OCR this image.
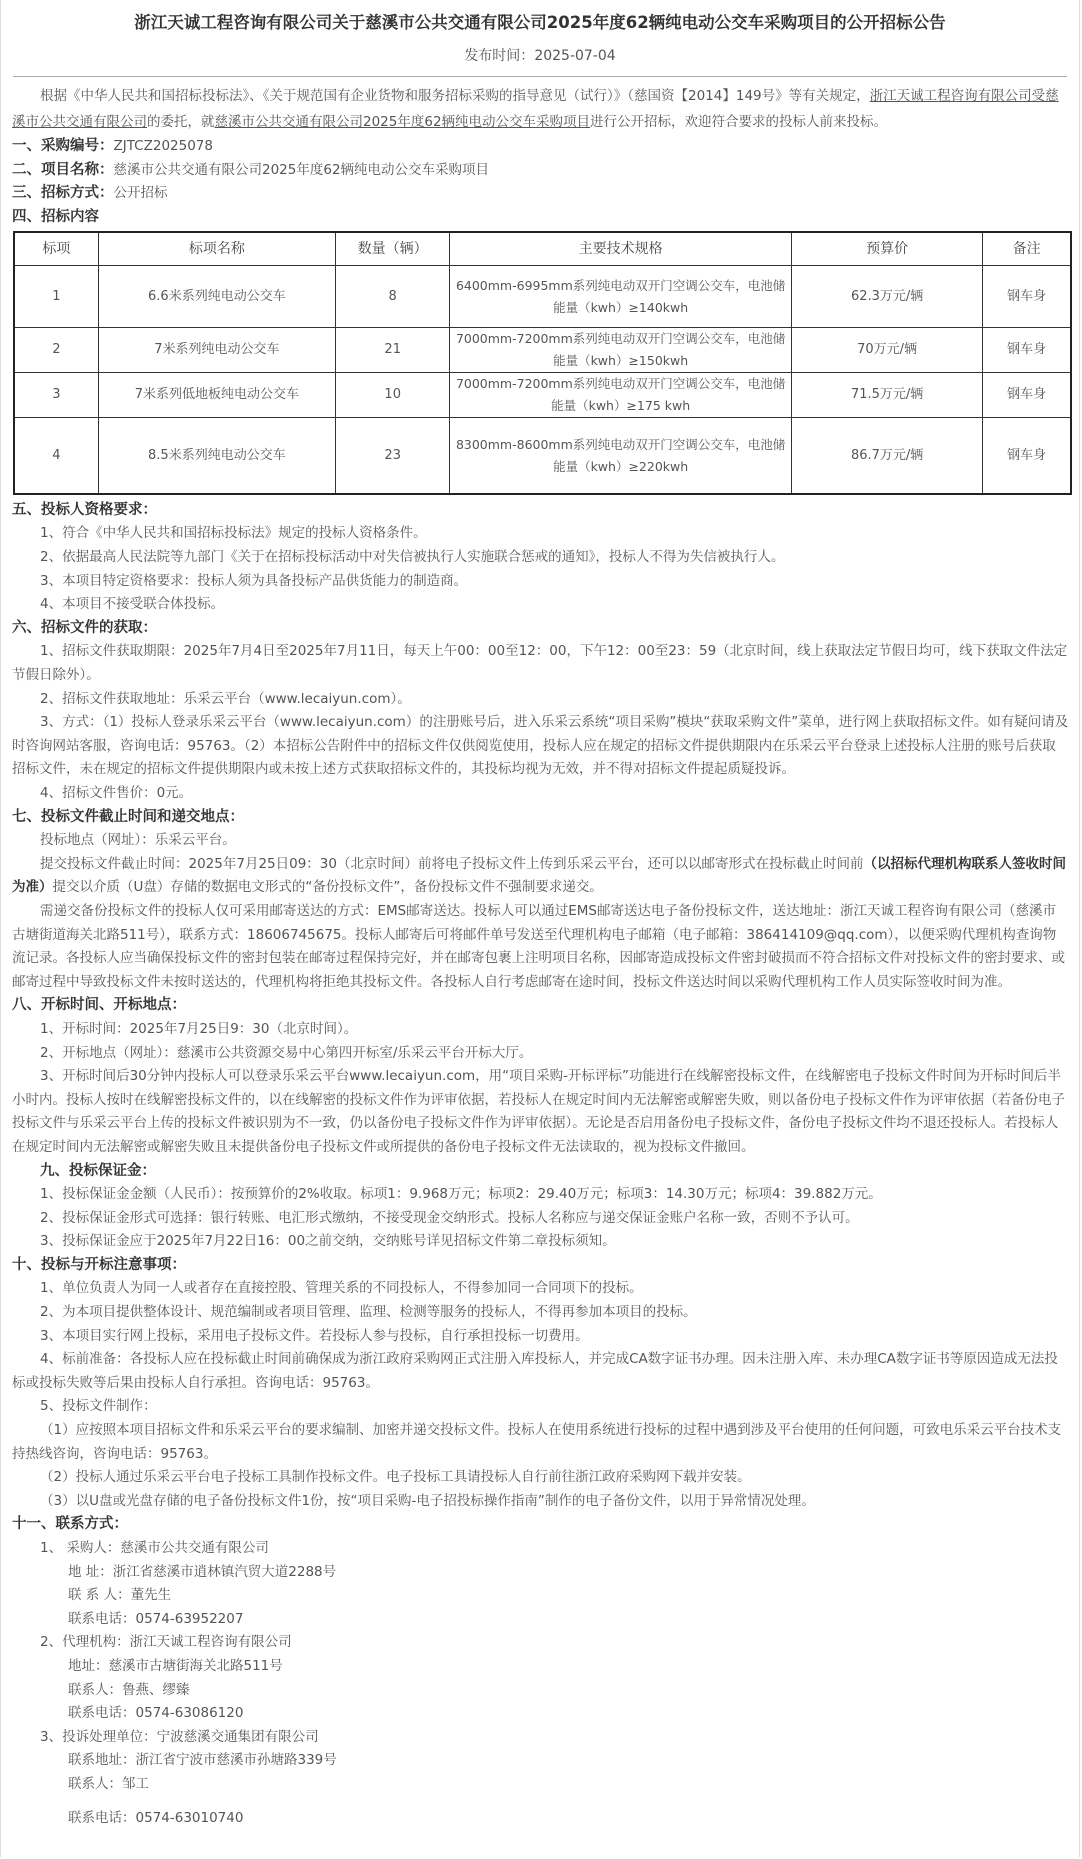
浙江天诚工程咨询有限公司关于慈溪市公共交通有限公司2025年度62辆纯电动公交车采购项目的公开招标公告
发布时间：2025-07-04

根据《中华人民共和国招标投标法》、《关于规范国有企业货物和服务招标采购的指导意见（试行）》（慈国资【2014】149号》等有关规定，浙江天诚工程咨询有限公司受慈溪市公共交通有限公司的委托，就慈溪市公共交通有限公司2025年度62辆纯电动公交车采购项目进行公开招标，欢迎符合要求的投标人前来投标。

一、采购编号：ZJTCZ2025078

二、项目名称：慈溪市公共交通有限公司2025年度62辆纯电动公交车采购项目

三、招标方式：公开招标

四、招标内容

标项	标项名称	数量（辆）	主要技术规格	预算价	备注
1	6.6米系列纯电动公交车	8	6400mm-6995mm系列纯电动双开门空调公交车，电池储能量（kwh）≥140kwh	62.3万元/辆	钢车身
2	7米系列纯电动公交车	21	7000mm-7200mm系列纯电动双开门空调公交车，电池储能量（kwh）≥150kwh	70万元/辆	钢车身
3	7米系列低地板纯电动公交车	10	7000mm-7200mm系列纯电动双开门空调公交车，电池储能量（kwh）≥175 kwh	71.5万元/辆	钢车身
4	8.5米系列纯电动公交车	23	8300mm-8600mm系列纯电动双开门空调公交车，电池储能量（kwh）≥220kwh	86.7万元/辆	钢车身

五、投标人资格要求：

1、符合《中华人民共和国招标投标法》规定的投标人资格条件。

2、依据最高人民法院等九部门《关于在招标投标活动中对失信被执行人实施联合惩戒的通知》，投标人不得为失信被执行人。

3、本项目特定资格要求：投标人须为具备投标产品供货能力的制造商。

4、本项目不接受联合体投标。

六、招标文件的获取：

1、招标文件获取期限：2025年7月4日至2025年7月11日，每天上午00：00至12：00，下午12：00至23：59（北京时间，线上获取法定节假日均可，线下获取文件法定节假日除外）。

2、招标文件获取地址：乐采云平台（www.lecaiyun.com）。

3、方式：（1）投标人登录乐采云平台（www.lecaiyun.com）的注册账号后，进入乐采云系统“项目采购”模块“获取采购文件”菜单，进行网上获取招标文件。如有疑问请及时咨询网站客服，咨询电话：95763。（2）本招标公告附件中的招标文件仅供阅览使用，投标人应在规定的招标文件提供期限内在乐采云平台登录上述投标人注册的账号后获取招标文件，未在规定的招标文件提供期限内或未按上述方式获取招标文件的，其投标均视为无效，并不得对招标文件提起质疑投诉。

4、招标文件售价：0元。

七、投标文件截止时间和递交地点：

投标地点（网址）：乐采云平台。

提交投标文件截止时间：2025年7月25日09：30（北京时间）前将电子投标文件上传到乐采云平台，还可以以邮寄形式在投标截止时间前（以招标代理机构联系人签收时间为准）提交以介质（U盘）存储的数据电文形式的“备份投标文件”，备份投标文件不强制要求递交。

需递交备份投标文件的投标人仅可采用邮寄送达的方式：EMS邮寄送达。投标人可以通过EMS邮寄送达电子备份投标文件，送达地址：浙江天诚工程咨询有限公司（慈溪市古塘街道海关北路511号），联系方式：18606745675。投标人邮寄后可将邮件单号发送至代理机构电子邮箱（电子邮箱：386414109@qq.com），以便采购代理机构查询物流记录。各投标人应当确保投标文件的密封包装在邮寄过程保持完好，并在邮寄包裹上注明项目名称，因邮寄造成投标文件密封破损而不符合招标文件对投标文件的密封要求、或邮寄过程中导致投标文件未按时送达的，代理机构将拒绝其投标文件。各投标人自行考虑邮寄在途时间，投标文件送达时间以采购代理机构工作人员实际签收时间为准。

八、开标时间、开标地点：

1、开标时间：2025年7月25日9：30（北京时间）。

2、开标地点（网址）：慈溪市公共资源交易中心第四开标室/乐采云平台开标大厅。

3、开标时间后30分钟内投标人可以登录乐采云平台www.lecaiyun.com，用“项目采购-开标评标”功能进行在线解密投标文件，在线解密电子投标文件时间为开标时间后半小时内。投标人按时在线解密投标文件的，以在线解密的投标文件作为评审依据，若投标人在规定时间内无法解密或解密失败，则以备份电子投标文件作为评审依据（若备份电子投标文件与乐采云平台上传的投标文件被识别为不一致，仍以备份电子投标文件作为评审依据）。无论是否启用备份电子投标文件，备份电子投标文件均不退还投标人。若投标人在规定时间内无法解密或解密失败且未提供备份电子投标文件或所提供的备份电子投标文件无法读取的，视为投标文件撤回。

九、投标保证金：

1、投标保证金金额（人民币）：按预算价的2%收取。标项1：9.968万元；标项2：29.40万元；标项3：14.30万元；标项4：39.882万元。

2、投标保证金形式可选择：银行转账、电汇形式缴纳，不接受现金交纳形式。投标人名称应与递交保证金账户名称一致，否则不予认可。

3、投标保证金应于2025年7月22日16：00之前交纳，交纳账号详见招标文件第二章投标须知。

十、投标与开标注意事项：

1、单位负责人为同一人或者存在直接控股、管理关系的不同投标人，不得参加同一合同项下的投标。

2、为本项目提供整体设计、规范编制或者项目管理、监理、检测等服务的投标人，不得再参加本项目的投标。

3、本项目实行网上投标，采用电子投标文件。若投标人参与投标，自行承担投标一切费用。

4、标前准备：各投标人应在投标截止时间前确保成为浙江政府采购网正式注册入库投标人，并完成CA数字证书办理。因未注册入库、未办理CA数字证书等原因造成无法投标或投标失败等后果由投标人自行承担。咨询电话：95763。

5、投标文件制作：

（1）应按照本项目招标文件和乐采云平台的要求编制、加密并递交投标文件。投标人在使用系统进行投标的过程中遇到涉及平台使用的任何问题，可致电乐采云平台技术支持热线咨询，咨询电话：95763。

（2）投标人通过乐采云平台电子投标工具制作投标文件。电子投标工具请投标人自行前往浙江政府采购网下载并安装。

（3）以U盘或光盘存储的电子备份投标文件1份，按“项目采购-电子招投标操作指南”制作的电子备份文件，以用于异常情况处理。

十一、联系方式：

1、 采购人：慈溪市公共交通有限公司

地 址：浙江省慈溪市逍林镇汽贸大道2288号

联 系 人：董先生

联系电话：0574-63952207

2、代理机构：浙江天诚工程咨询有限公司

地址：慈溪市古塘街海关北路511号

联系人：鲁燕、缪臻

联系电话：0574-63086120

3、投诉处理单位：宁波慈溪交通集团有限公司

联系地址：浙江省宁波市慈溪市孙塘路339号

联系人：邹工

联系电话：0574-63010740
